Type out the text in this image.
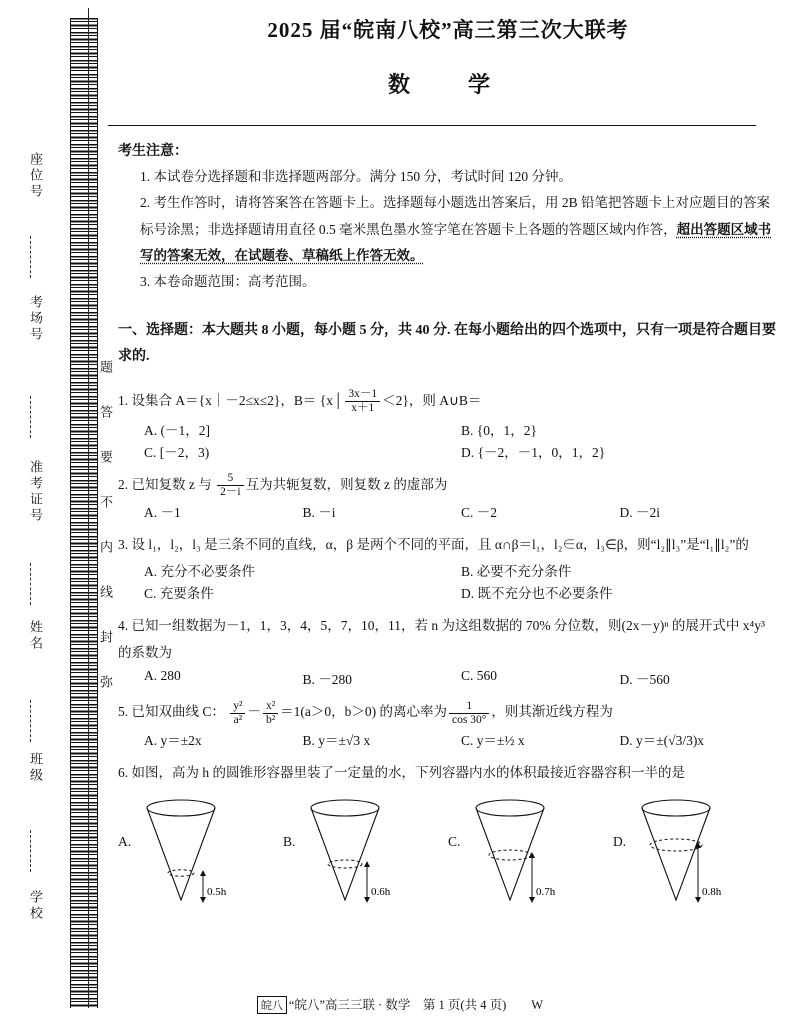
座位号
考场号
准考证号
姓名
班级
学校
题
答
要
不
内
线
封
弥
2025 届“皖南八校”高三第三次大联考
数　学
考生注意：
1. 本试卷分选择题和非选择题两部分。满分 150 分，考试时间 120 分钟。
2. 考生作答时，请将答案答在答题卡上。选择题每小题选出答案后，用 2B 铅笔把答题卡上对应题目的答案标号涂黑；非选择题请用直径 0.5 毫米黑色墨水签字笔在答题卡上各题的答题区域内作答，超出答题区域书写的答案无效，在试题卷、草稿纸上作答无效。
3. 本卷命题范围：高考范围。
一、选择题：本大题共 8 小题，每小题 5 分，共 40 分. 在每小题给出的四个选项中，只有一项是符合题目要求的.
1. 设集合 A＝{x｜－2≤x≤2}，B＝ {x | $\frac{3x-1}{x+1} <2$}，则 A∪B＝
A. (－1，2]	B. {0，1，2}
C. [－2，3)	D. {－2，－1，0，1，2}
2. 已知复数 z 与 $\frac{5}{2-i}$ 互为共轭复数，则复数 z 的虚部为
A. －1	B. －i	C. －2	D. －2i
3. 设 l₁，l₂，l₃ 是三条不同的直线，α，β 是两个不同的平面，且 α∩β＝l₁，l₂∈α，l₃∈β，则“l₂∥l₃”是“l₁∥l₂”的
A. 充分不必要条件	B. 必要不充分条件
C. 充要条件	D. 既不充分也不必要条件
4. 已知一组数据为－1，1，3，4，5，7，10，11，若 n 为这组数据的 70% 分位数，则(2x－y)ⁿ 的展开式中 x⁴y³ 的系数为
A. 280	B. －280	C. 560	D. －560
5. 已知双曲线 C： $\frac{\text{y²}}{\text{a²}} - \frac{\text{x²}}{\text{b²}} =1(a>0$，b＞0) 的离心率为 $\frac{1}{\cos 30^\circ}$ ，则其渐近线方程为
A. y＝±2x	B. y＝±√3 x	C. y＝±½ x	D. y＝±(√3/3)x
6. 如图，高为 h 的圆锥形容器里装了一定量的水，下列容器内水的体积最接近容器容积一半的是
A.
0.5h
B.
0.6h
C.
0.7h
D.
0.8h
皖八 “皖八”高三三联 · 数学　第 1 页(共 4 页)　　W
